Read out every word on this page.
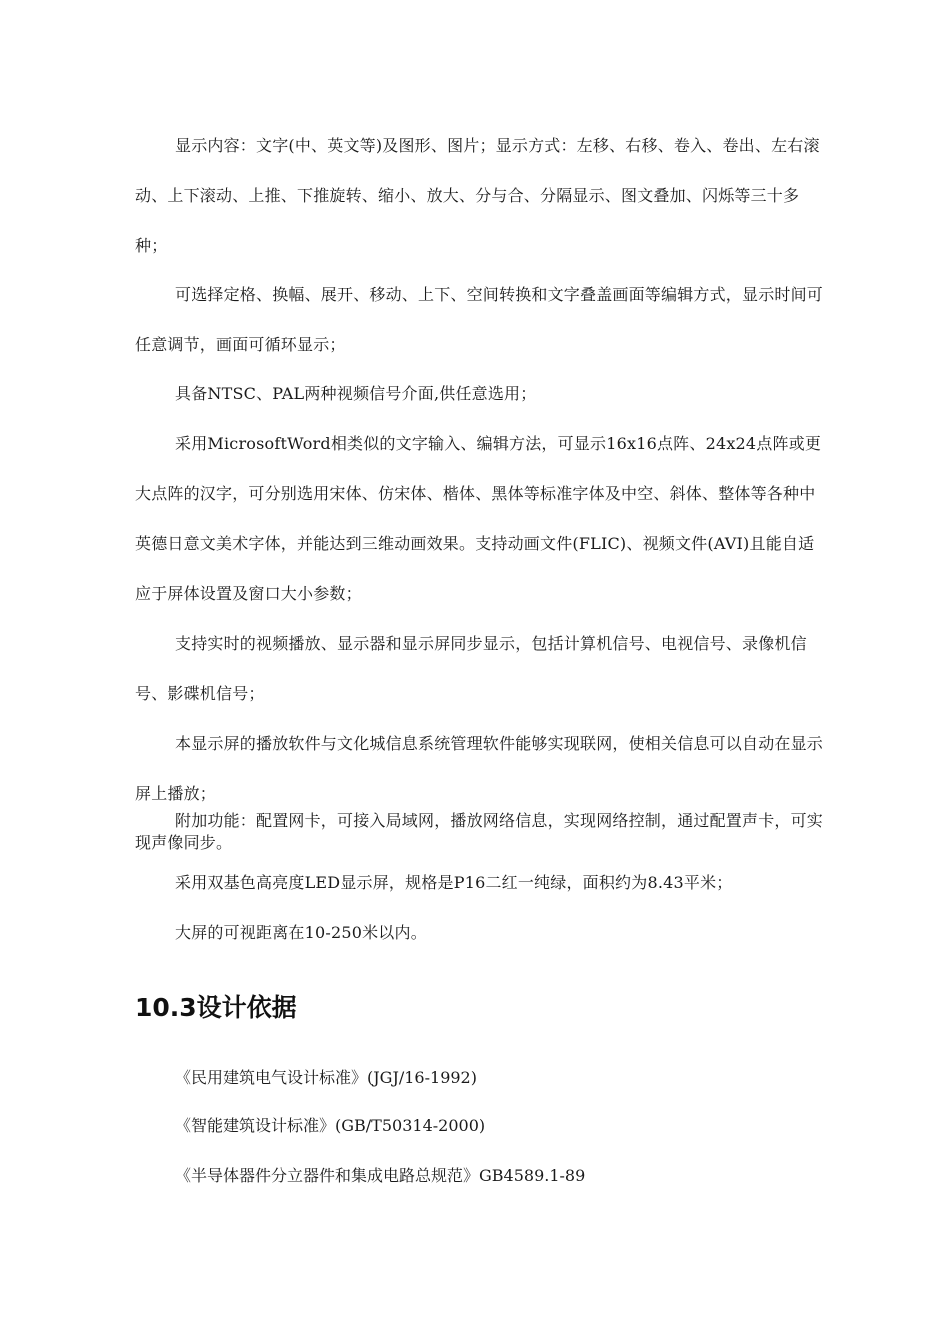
显示内容：文字(中、英文等)及图形、图片；显示方式：左移、右移、卷入、卷出、左右滚动、上下滚动、上推、下推旋转、缩小、放大、分与合、分隔显示、图文叠加、闪烁等三十多种；

可选择定格、换幅、展开、移动、上下、空间转换和文字叠盖画面等编辑方式，显示时间可任意调节，画面可循环显示；

具备NTSC、PAL两种视频信号介面,供任意选用；

采用MicrosoftWord相类似的文字输入、编辑方法，可显示16x16点阵、24x24点阵或更大点阵的汉字，可分别选用宋体、仿宋体、楷体、黑体等标准字体及中空、斜体、整体等各种中英德日意文美术字体，并能达到三维动画效果。支持动画文件(FLIC)、视频文件(AVI)且能自适应于屏体设置及窗口大小参数；

支持实时的视频播放、显示器和显示屏同步显示，包括计算机信号、电视信号、录像机信号、影碟机信号；

本显示屏的播放软件与文化城信息系统管理软件能够实现联网，使相关信息可以自动在显示屏上播放；

附加功能：配置网卡，可接入局域网，播放网络信息，实现网络控制，通过配置声卡，可实现声像同步。

采用双基色高亮度LED显示屏，规格是P16二红一纯绿，面积约为8.43平米；

大屏的可视距离在10-250米以内。

10.3设计依据

《民用建筑电气设计标准》(JGJ/16-1992)

《智能建筑设计标准》(GB/T50314-2000)

《半导体器件分立器件和集成电路总规范》GB4589.1-89
